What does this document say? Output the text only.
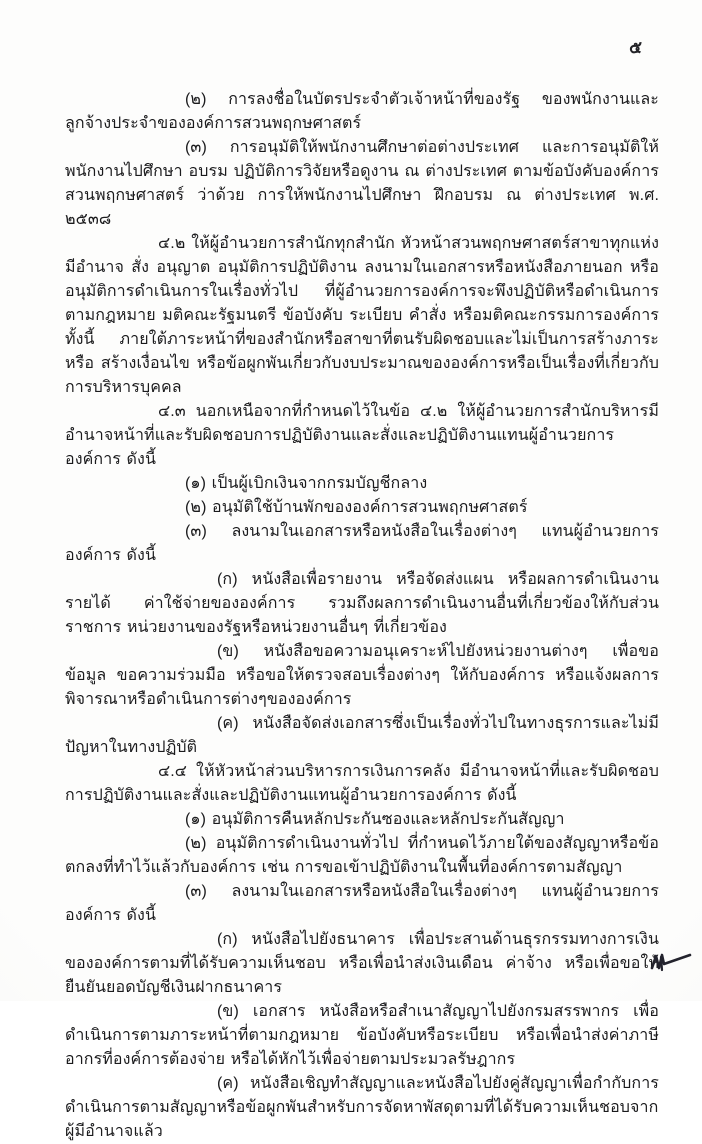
๕

(๒) การลงชื่อในบัตรประจำตัวเจ้าหน้าที่ของรัฐ ของพนักงานและลูกจ้างประจำขององค์การสวนพฤกษศาสตร์

(๓) การอนุมัติให้พนักงานศึกษาต่อต่างประเทศ และการอนุมัติให้พนักงานไปศึกษา อบรม ปฏิบัติการวิจัยหรือดูงาน ณ ต่างประเทศ ตามข้อบังคับองค์การสวนพฤกษศาสตร์ ว่าด้วย การให้พนักงานไปศึกษา ฝึกอบรม ณ ต่างประเทศ พ.ศ. ๒๕๓๘

๔.๒ ให้ผู้อำนวยการสำนักทุกสำนัก หัวหน้าสวนพฤกษศาสตร์สาขาทุกแห่ง มีอำนาจ สั่ง อนุญาต อนุมัติการปฏิบัติงาน ลงนามในเอกสารหรือหนังสือภายนอก หรืออนุมัติการดำเนินการในเรื่องทั่วไป ที่ผู้อำนวยการองค์การจะพึงปฏิบัติหรือดำเนินการตามกฎหมาย มติคณะรัฐมนตรี ข้อบังคับ ระเบียบ คำสั่ง หรือมติคณะกรรมการองค์การ ทั้งนี้ ภายใต้ภาระหน้าที่ของสำนักหรือสาขาที่ตนรับผิดชอบและไม่เป็นการสร้างภาระ หรือ สร้างเงื่อนไข หรือข้อผูกพันเกี่ยวกับงบประมาณขององค์การหรือเป็นเรื่องที่เกี่ยวกับการบริหารบุคคล

๔.๓ นอกเหนือจากที่กำหนดไว้ในข้อ ๔.๒ ให้ผู้อำนวยการสำนักบริหารมีอำนาจหน้าที่และรับผิดชอบการปฏิบัติงานและสั่งและปฏิบัติงานแทนผู้อำนวยการองค์การ ดังนี้

(๑) เป็นผู้เบิกเงินจากกรมบัญชีกลาง

(๒) อนุมัติใช้บ้านพักขององค์การสวนพฤกษศาสตร์

(๓) ลงนามในเอกสารหรือหนังสือในเรื่องต่างๆ แทนผู้อำนวยการองค์การ ดังนี้

(ก) หนังสือเพื่อรายงาน หรือจัดส่งแผน หรือผลการดำเนินงาน รายได้ ค่าใช้จ่ายขององค์การ รวมถึงผลการดำเนินงานอื่นที่เกี่ยวข้องให้กับส่วนราชการ หน่วยงานของรัฐหรือหน่วยงานอื่นๆ ที่เกี่ยวข้อง

(ข) หนังสือขอความอนุเคราะห์ไปยังหน่วยงานต่างๆ เพื่อขอข้อมูล ขอความร่วมมือ หรือขอให้ตรวจสอบเรื่องต่างๆ ให้กับองค์การ หรือแจ้งผลการพิจารณาหรือดำเนินการต่างๆขององค์การ

(ค) หนังสือจัดส่งเอกสารซึ่งเป็นเรื่องทั่วไปในทางธุรการและไม่มีปัญหาในทางปฏิบัติ

๔.๔ ให้หัวหน้าส่วนบริหารการเงินการคลัง มีอำนาจหน้าที่และรับผิดชอบการปฏิบัติงานและสั่งและปฏิบัติงานแทนผู้อำนวยการองค์การ ดังนี้

(๑) อนุมัติการคืนหลักประกันซองและหลักประกันสัญญา

(๒) อนุมัติการดำเนินงานทั่วไป ที่กำหนดไว้ภายใต้ของสัญญาหรือข้อตกลงที่ทำไว้แล้วกับองค์การ เช่น การขอเข้าปฏิบัติงานในพื้นที่องค์การตามสัญญา

(๓) ลงนามในเอกสารหรือหนังสือในเรื่องต่างๆ แทนผู้อำนวยการองค์การ ดังนี้

(ก) หนังสือไปยังธนาคาร เพื่อประสานด้านธุรกรรมทางการเงินขององค์การตามที่ได้รับความเห็นชอบ หรือเพื่อนำส่งเงินเดือน ค่าจ้าง หรือเพื่อขอให้ยืนยันยอดบัญชีเงินฝากธนาคาร

(ข) เอกสาร หนังสือหรือสำเนาสัญญาไปยังกรมสรรพากร เพื่อดำเนินการตามภาระหน้าที่ตามกฎหมาย ข้อบังคับหรือระเบียบ หรือเพื่อนำส่งค่าภาษีอากรที่องค์การต้องจ่าย หรือได้หักไว้เพื่อจ่ายตามประมวลรัษฎากร

(ค) หนังสือเชิญทำสัญญาและหนังสือไปยังคู่สัญญาเพื่อกำกับการดำเนินการตามสัญญาหรือข้อผูกพันสำหรับการจัดหาพัสดุตามที่ได้รับความเห็นชอบจากผู้มีอำนาจแล้ว
